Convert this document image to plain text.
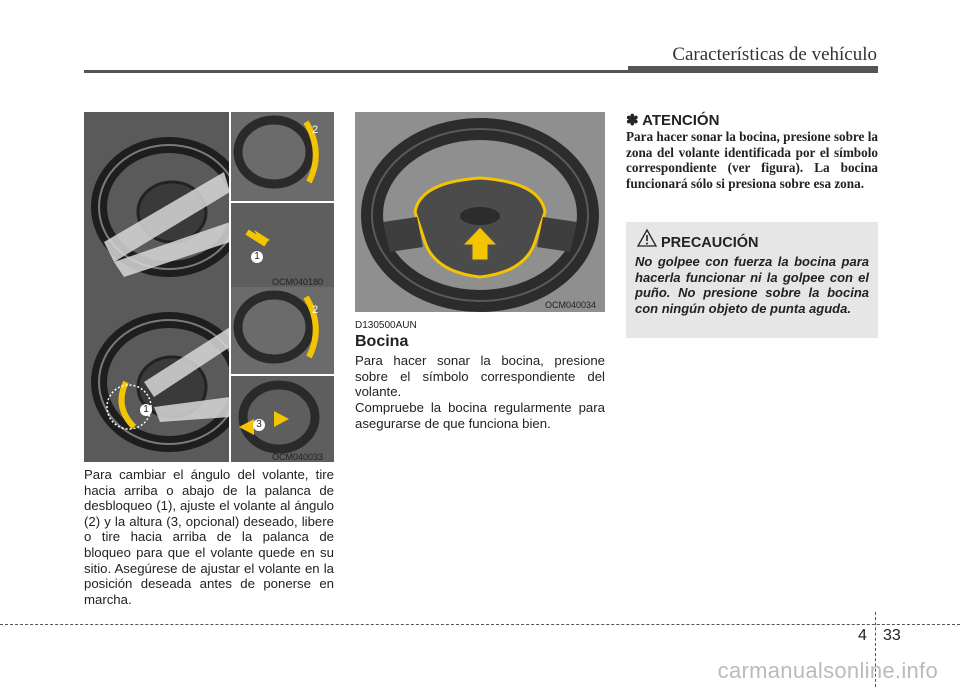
Características de vehículo
2
1
OCM040180
2
1
3
OCM040033
Para cambiar el ángulo del volante, tire hacia arriba o abajo de la palanca de desbloqueo (1), ajuste el volante al ángulo (2) y la altura (3, opcional) deseado, libere o tire hacia arriba de la palanca de bloqueo para que el volante quede en su sitio. Asegúrese de ajustar el volante en la posición deseada antes de ponerse en marcha.
OCM040034
D130500AUN
Bocina
Para hacer sonar la bocina, presione sobre el símbolo correspondiente del volante.
Compruebe la bocina regularmente para asegurarse de que funciona bien.
✽ ATENCIÓN
Para hacer sonar la bocina, presione sobre la zona del volante identificada por el símbolo correspondiente (ver figura). La bocina funcionará sólo si presiona sobre esa zona.
PRECAUCIÓN
No golpee con fuerza la bocina para hacerla funcionar ni la golpee con el puño. No presione sobre la bocina con ningún objeto de punta aguda.
4 33
carmanualsonline.info
